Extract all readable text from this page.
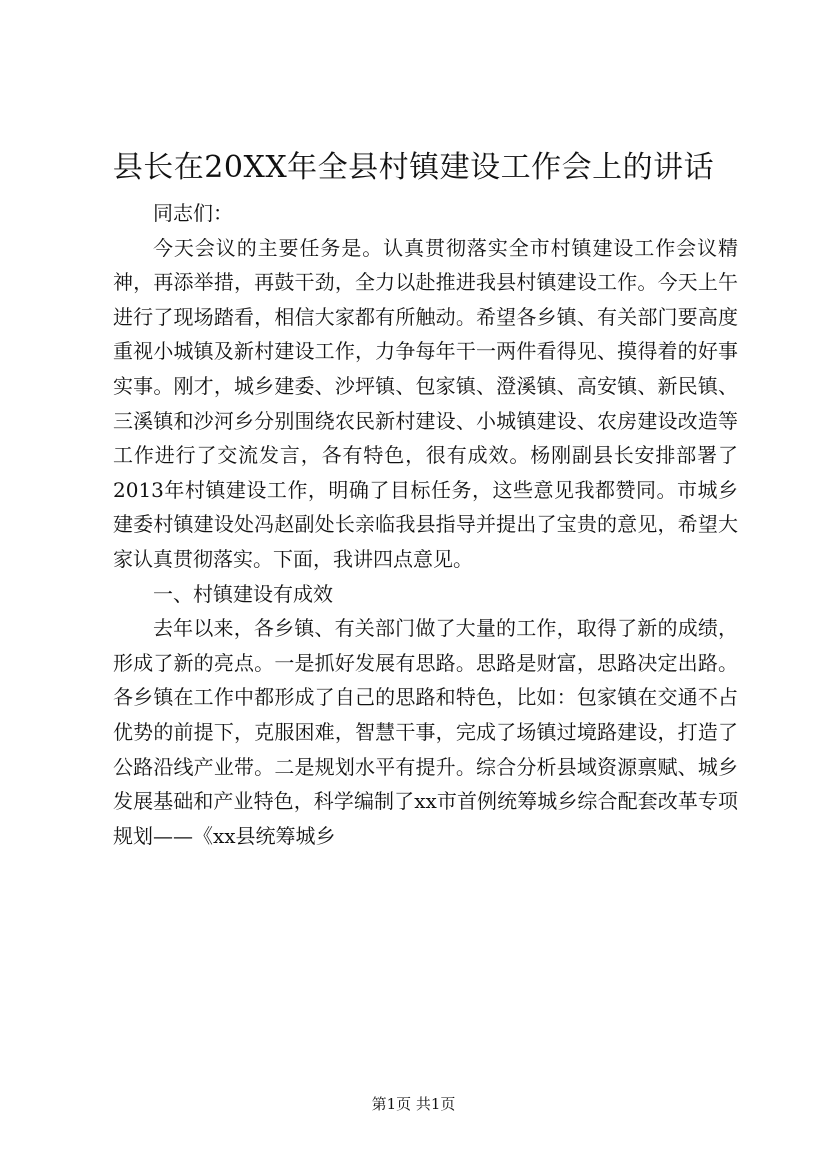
县长在20XX年全县村镇建设工作会上的讲话

同志们：

今天会议的主要任务是。认真贯彻落实全市村镇建设工作会议精神，再添举措，再鼓干劲，全力以赴推进我县村镇建设工作。今天上午进行了现场踏看，相信大家都有所触动。希望各乡镇、有关部门要高度重视小城镇及新村建设工作，力争每年干一两件看得见、摸得着的好事实事。刚才，城乡建委、沙坪镇、包家镇、澄溪镇、高安镇、新民镇、三溪镇和沙河乡分别围绕农民新村建设、小城镇建设、农房建设改造等工作进行了交流发言，各有特色，很有成效。杨刚副县长安排部署了2013年村镇建设工作，明确了目标任务，这些意见我都赞同。市城乡建委村镇建设处冯赵副处长亲临我县指导并提出了宝贵的意见，希望大家认真贯彻落实。下面，我讲四点意见。

一、村镇建设有成效

去年以来，各乡镇、有关部门做了大量的工作，取得了新的成绩，形成了新的亮点。一是抓好发展有思路。思路是财富，思路决定出路。各乡镇在工作中都形成了自己的思路和特色，比如：包家镇在交通不占优势的前提下，克服困难，智慧干事，完成了场镇过境路建设，打造了公路沿线产业带。二是规划水平有提升。综合分析县域资源禀赋、城乡发展基础和产业特色，科学编制了xx市首例统筹城乡综合配套改革专项规划——《xx县统筹城乡

第1页 共1页
